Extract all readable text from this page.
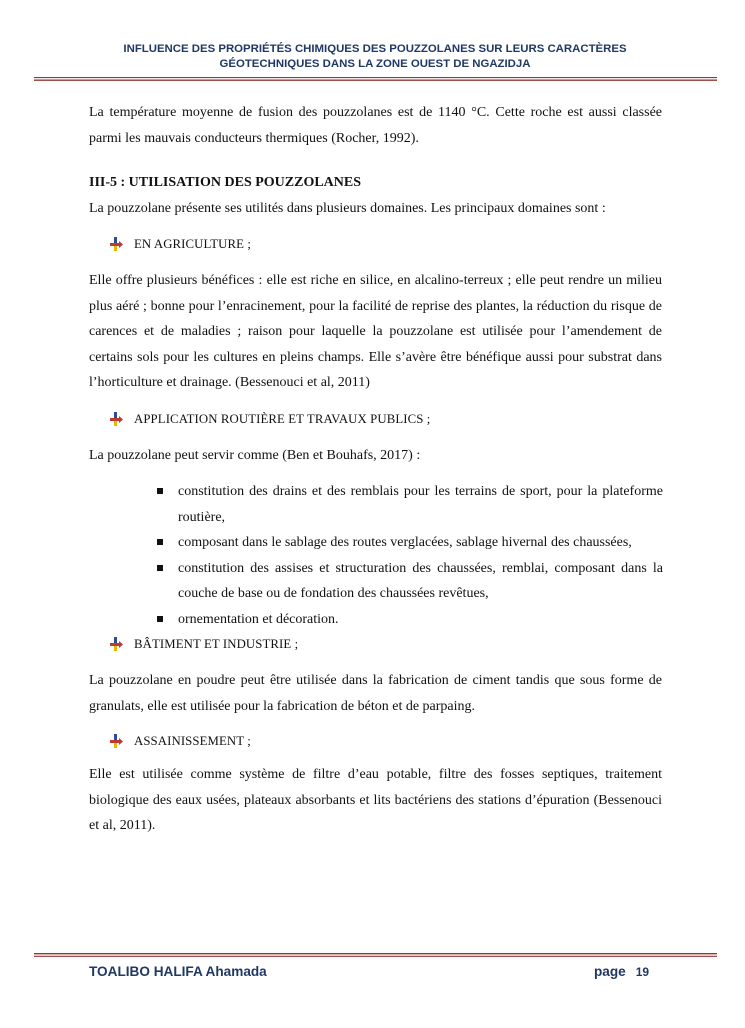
INFLUENCE DES PROPRIÉTÉS CHIMIQUES DES POUZZOLANES SUR LEURS CARACTÈRES
GÉOTECHNIQUES DANS LA ZONE OUEST DE NGAZIDJA

La température moyenne de fusion des pouzzolanes est de 1140 °C. Cette roche est aussi classée parmi les mauvais conducteurs thermiques (Rocher, 1992).

III-5 : UTILISATION DES POUZZOLANES

La pouzzolane présente ses utilités dans plusieurs domaines. Les principaux domaines sont :

EN AGRICULTURE ;

Elle offre plusieurs bénéfices : elle est riche en silice, en alcalino-terreux ; elle peut rendre un milieu plus aéré ; bonne pour l’enracinement, pour la facilité de reprise des plantes, la réduction du risque de carences et de maladies ; raison pour laquelle la pouzzolane est utilisée pour l’amendement de certains sols pour les cultures en pleins champs. Elle s’avère être bénéfique aussi pour substrat dans l’horticulture et drainage. (Bessenouci et al, 2011)

APPLICATION ROUTIÈRE ET TRAVAUX PUBLICS ;

La pouzzolane peut servir comme (Ben et Bouhafs, 2017) :

constitution des drains et des remblais pour les terrains de sport, pour la plateforme routière,
composant dans le sablage des routes verglacées, sablage hivernal des chaussées,
constitution des assises et structuration des chaussées, remblai, composant dans la couche de base ou de fondation des chaussées revêtues,
ornementation et décoration.
BÂTIMENT ET INDUSTRIE ;

La pouzzolane en poudre peut être utilisée dans la fabrication de ciment tandis que sous forme de granulats, elle est utilisée pour la fabrication de béton et de parpaing.

ASSAINISSEMENT ;

Elle est utilisée comme système de filtre d’eau potable, filtre des fosses septiques, traitement biologique des eaux usées, plateaux absorbants et lits bactériens des stations d’épuration (Bessenouci et al, 2011).

TOALIBO HALIFA Ahamada	page 19
